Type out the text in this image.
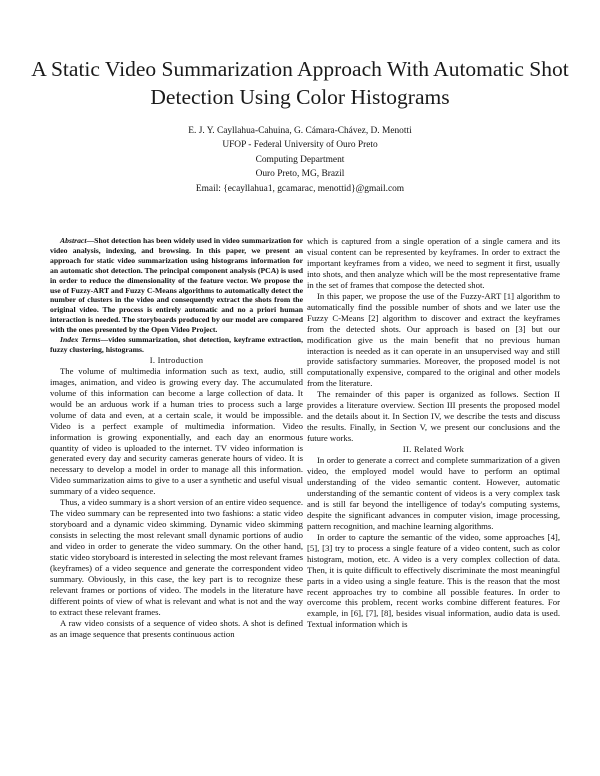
A Static Video Summarization Approach With Automatic Shot Detection Using Color Histograms
E. J. Y. Cayllahua-Cahuina, G. Cámara-Chávez, D. Menotti
UFOP - Federal University of Ouro Preto
Computing Department
Ouro Preto, MG, Brazil
Email: {ecayllahua1, gcamarac, menottid}@gmail.com

Abstract—Shot detection has been widely used in video summarization for video analysis, indexing, and browsing. In this paper, we present an approach for static video summarization using histograms information for an automatic shot detection. The principal component analysis (PCA) is used in order to reduce the dimensionality of the feature vector. We propose the use of Fuzzy-ART and Fuzzy C-Means algorithms to automatically detect the number of clusters in the video and consequently extract the shots from the original video. The process is entirely automatic and no a priori human interaction is needed. The storyboards produced by our model are compared with the ones presented by the Open Video Project.

Index Terms—video summarization, shot detection, keyframe extraction, fuzzy clustering, histograms.

I. Introduction

The volume of multimedia information such as text, audio, still images, animation, and video is growing every day. The accumulated volume of this information can become a large collection of data. It would be an arduous work if a human tries to process such a large volume of data and even, at a certain scale, it would be impossible. Video is a perfect example of multimedia information. Video information is growing exponentially, and each day an enormous quantity of video is uploaded to the internet. TV video information is generated every day and security cameras generate hours of video. It is necessary to develop a model in order to manage all this information. Video summarization aims to give to a user a synthetic and useful visual summary of a video sequence.

Thus, a video summary is a short version of an entire video sequence. The video summary can be represented into two fashions: a static video storyboard and a dynamic video skimming. Dynamic video skimming consists in selecting the most relevant small dynamic portions of audio and video in order to generate the video summary. On the other hand, static video storyboard is interested in selecting the most relevant frames (keyframes) of a video sequence and generate the correspondent video summary. Obviously, in this case, the key part is to recognize these relevant frames or portions of video. The models in the literature have different points of view of what is relevant and what is not and the way to extract these relevant frames.

A raw video consists of a sequence of video shots. A shot is defined as an image sequence that presents continuous action

which is captured from a single operation of a single camera and its visual content can be represented by keyframes. In order to extract the important keyframes from a video, we need to segment it first, usually into shots, and then analyze which will be the most representative frame in the set of frames that compose the detected shot.

In this paper, we propose the use of the Fuzzy-ART [1] algorithm to automatically find the possible number of shots and we later use the Fuzzy C-Means [2] algorithm to discover and extract the keyframes from the detected shots. Our approach is based on [3] but our modification give us the main benefit that no previous human interaction is needed as it can operate in an unsupervised way and still provide satisfactory summaries. Moreover, the proposed model is not computationally expensive, compared to the original and other models from the literature.

The remainder of this paper is organized as follows. Section II provides a literature overview. Section III presents the proposed model and the details about it. In Section IV, we describe the tests and discuss the results. Finally, in Section V, we present our conclusions and the future works.

II. Related Work

In order to generate a correct and complete summarization of a given video, the employed model would have to perform an optimal understanding of the video semantic content. However, automatic understanding of the semantic content of videos is a very complex task and is still far beyond the intelligence of today's computing systems, despite the significant advances in computer vision, image processing, pattern recognition, and machine learning algorithms.

In order to capture the semantic of the video, some approaches [4], [5], [3] try to process a single feature of a video content, such as color histogram, motion, etc. A video is a very complex collection of data. Then, it is quite difficult to effectively discriminate the most meaningful parts in a video using a single feature. This is the reason that the most recent approaches try to combine all possible features. In order to overcome this problem, recent works combine different features. For example, in [6], [7], [8], besides visual information, audio data is used. Textual information which is
